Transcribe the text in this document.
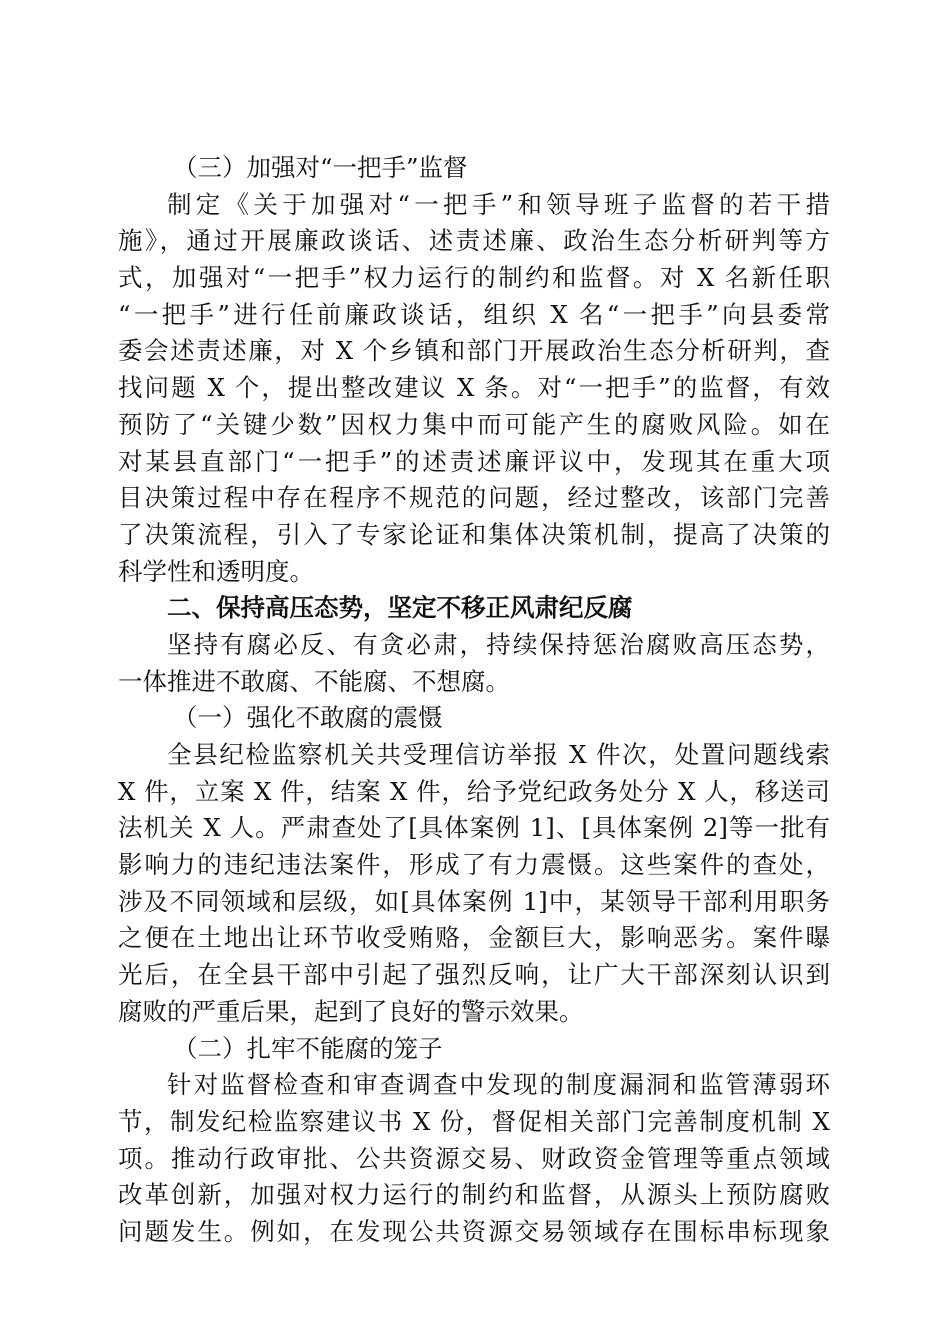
（三）加强对“一把手”监督
制定《关于加强对“一把手”和领导班子监督的若干措
施》，通过开展廉政谈话、述责述廉、政治生态分析研判等方
式，加强对“一把手”权力运行的制约和监督。对 X 名新任职
“一把手”进行任前廉政谈话，组织 X 名“一把手”向县委常
委会述责述廉，对 X 个乡镇和部门开展政治生态分析研判，查
找问题 X 个，提出整改建议 X 条。对“一把手”的监督，有效
预防了“关键少数”因权力集中而可能产生的腐败风险。如在
对某县直部门“一把手”的述责述廉评议中，发现其在重大项
目决策过程中存在程序不规范的问题，经过整改，该部门完善
了决策流程，引入了专家论证和集体决策机制，提高了决策的
科学性和透明度。
二、保持高压态势，坚定不移正风肃纪反腐
坚持有腐必反、有贪必肃，持续保持惩治腐败高压态势，
一体推进不敢腐、不能腐、不想腐。
（一）强化不敢腐的震慑
全县纪检监察机关共受理信访举报 X 件次，处置问题线索
X 件，立案 X 件，结案 X 件，给予党纪政务处分 X 人，移送司
法机关 X 人。严肃查处了[具体案例 1]、[具体案例 2]等一批有
影响力的违纪违法案件，形成了有力震慑。这些案件的查处，
涉及不同领域和层级，如[具体案例 1]中，某领导干部利用职务
之便在土地出让环节收受贿赂，金额巨大，影响恶劣。案件曝
光后，在全县干部中引起了强烈反响，让广大干部深刻认识到
腐败的严重后果，起到了良好的警示效果。
（二）扎牢不能腐的笼子
针对监督检查和审查调查中发现的制度漏洞和监管薄弱环
节，制发纪检监察建议书 X 份，督促相关部门完善制度机制 X
项。推动行政审批、公共资源交易、财政资金管理等重点领域
改革创新，加强对权力运行的制约和监督，从源头上预防腐败
问题发生。例如，在发现公共资源交易领域存在围标串标现象
